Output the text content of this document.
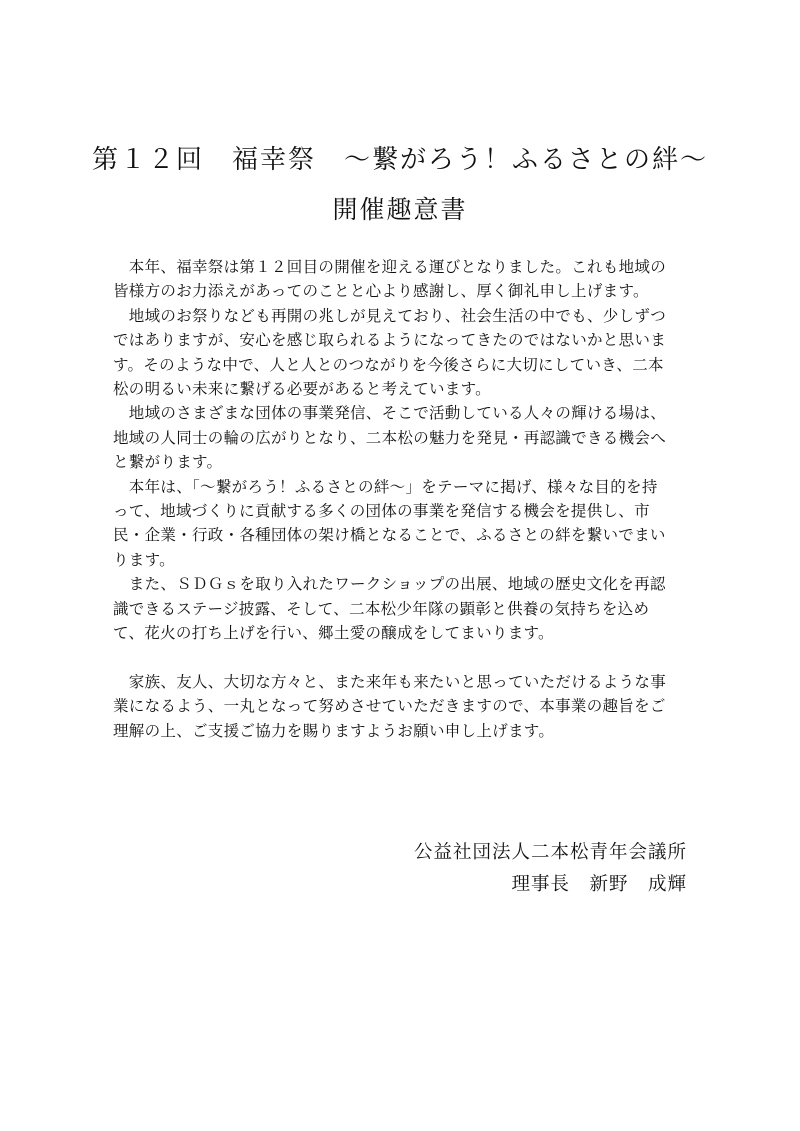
第１２回　福幸祭　～繋がろう！ふるさとの絆～
開催趣意書
　本年、福幸祭は第１２回目の開催を迎える運びとなりました。これも地域の
皆様方のお力添えがあってのことと心より感謝し、厚く御礼申し上げます。
　地域のお祭りなども再開の兆しが見えており、社会生活の中でも、少しずつ
ではありますが、安心を感じ取られるようになってきたのではないかと思いま
す。そのような中で、人と人とのつながりを今後さらに大切にしていき、二本
松の明るい未来に繋げる必要があると考えています。
　地域のさまざまな団体の事業発信、そこで活動している人々の輝ける場は、
地域の人同士の輪の広がりとなり、二本松の魅力を発見・再認識できる機会へ
と繋がります。
　本年は、「～繋がろう！ふるさとの絆～」をテーマに掲げ、様々な目的を持
って、地域づくりに貢献する多くの団体の事業を発信する機会を提供し、市
民・企業・行政・各種団体の架け橋となることで、ふるさとの絆を繋いでまい
ります。
　また、ＳＤＧｓを取り入れたワークショップの出展、地域の歴史文化を再認
識できるステージ披露、そして、二本松少年隊の顕彰と供養の気持ちを込め
て、花火の打ち上げを行い、郷土愛の醸成をしてまいります。
　家族、友人、大切な方々と、また来年も来たいと思っていただけるような事
業になるよう、一丸となって努めさせていただきますので、本事業の趣旨をご
理解の上、ご支援ご協力を賜りますようお願い申し上げます。
公益社団法人二本松青年会議所
理事長　新野　成輝
